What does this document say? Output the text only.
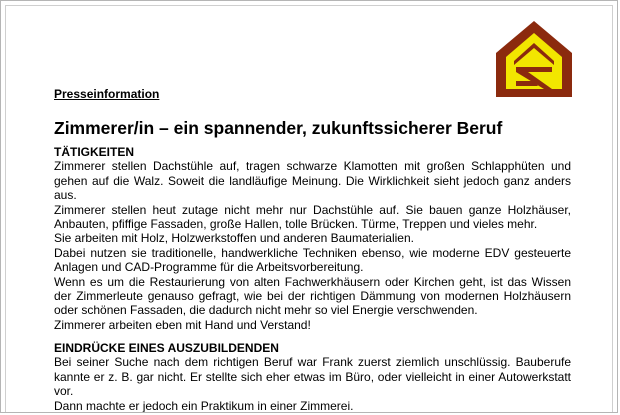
Presseinformation
Zimmerer/in – ein spannender, zukunftssicherer Beruf
TÄTIGKEITEN

Zimmerer stellen Dachstühle auf, tragen schwarze Klamotten mit großen Schlapphüten und gehen auf die Walz. Soweit die landläufige Meinung. Die Wirklichkeit sieht jedoch ganz anders aus.

Zimmerer stellen heut zutage nicht mehr nur Dachstühle auf. Sie bauen ganze Holzhäuser, Anbauten, pfiffige Fassaden, große Hallen, tolle Brücken. Türme, Treppen und vieles mehr.

Sie arbeiten mit Holz, Holzwerkstoffen und anderen Baumaterialien.

Dabei nutzen sie traditionelle, handwerkliche Techniken ebenso, wie moderne EDV gesteuerte Anlagen und CAD-Programme für die Arbeitsvorbereitung.

Wenn es um die Restaurierung von alten Fachwerkhäusern oder Kirchen geht, ist das Wissen der Zimmerleute genauso gefragt, wie bei der richtigen Dämmung von modernen Holzhäusern oder schönen Fassaden, die dadurch nicht mehr so viel Energie verschwenden.

Zimmerer arbeiten eben mit Hand und Verstand!

EINDRÜCKE EINES AUSZUBILDENDEN

Bei seiner Suche nach dem richtigen Beruf war Frank zuerst ziemlich unschlüssig. Bauberufe kannte er z. B. gar nicht. Er stellte sich eher etwas im Büro, oder vielleicht in einer Autowerkstatt vor.

Dann machte er jedoch ein Praktikum in einer Zimmerei.
